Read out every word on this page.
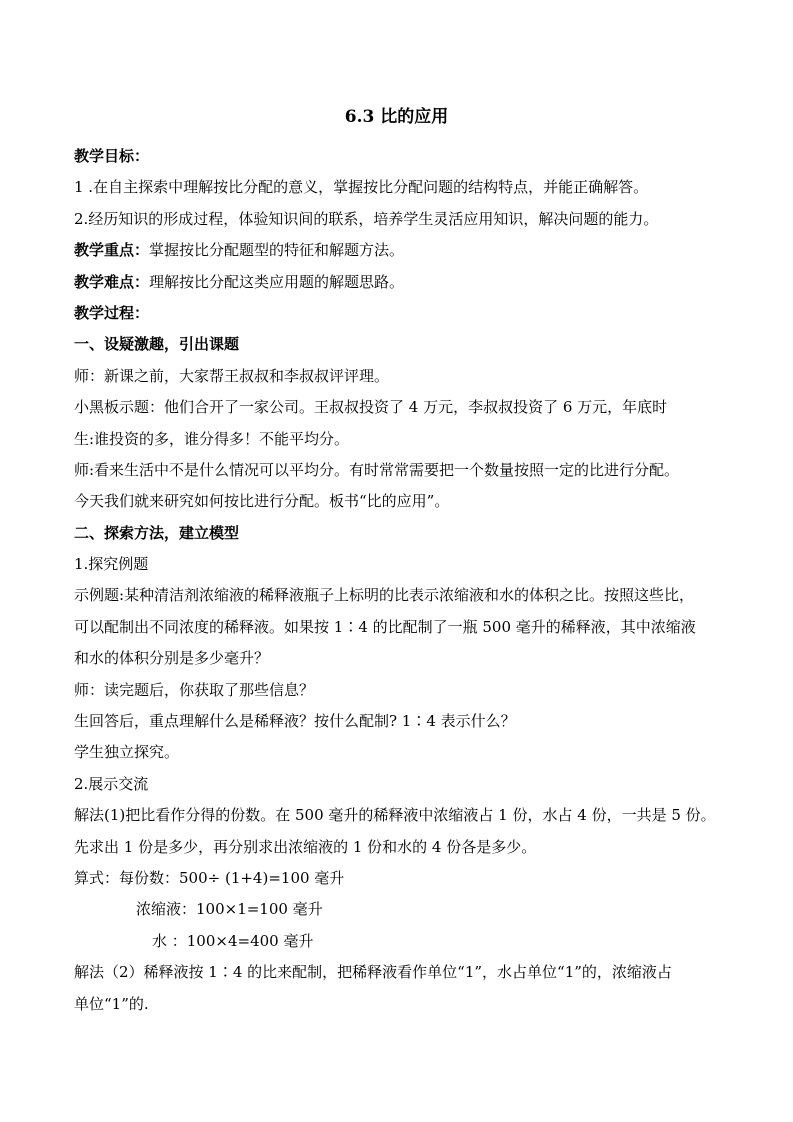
6.3 比的应用
教学目标：
1 .在自主探索中理解按比分配的意义，掌握按比分配问题的结构特点，并能正确解答。
2.经历知识的形成过程，体验知识间的联系，培养学生灵活应用知识，解决问题的能力。
教学重点：掌握按比分配题型的特征和解题方法。
教学难点：理解按比分配这类应用题的解题思路。
教学过程：
一、设疑激趣，引出课题
师：新课之前，大家帮王叔叔和李叔叔评评理。
小黑板示题：他们合开了一家公司。王叔叔投资了 4 万元，李叔叔投资了 6 万元，年底时
生:谁投资的多，谁分得多！不能平均分。
师:看来生活中不是什么情况可以平均分。有时常常需要把一个数量按照一定的比进行分配。
今天我们就来研究如何按比进行分配。板书“比的应用”。
二、探索方法，建立模型
1.探究例题
示例题:某种清洁剂浓缩液的稀释液瓶子上标明的比表示浓缩液和水的体积之比。按照这些比，
可以配制出不同浓度的稀释液。如果按 1∶4 的比配制了一瓶 500 毫升的稀释液，其中浓缩液
和水的体积分别是多少毫升？
师：读完题后，你获取了那些信息？
生回答后，重点理解什么是稀释液？按什么配制? 1∶4 表示什么？
学生独立探究。
2.展示交流
解法(1)把比看作分得的份数。在 500 毫升的稀释液中浓缩液占 1 份，水占 4 份，一共是 5 份。
先求出 1 份是多少，再分别求出浓缩液的 1 份和水的 4 份各是多少。
算式：每份数：500÷ (1+4)=100 毫升
浓缩液：100×1=100 毫升
水 ：100×4=400 毫升
解法（2）稀释液按 1∶4 的比来配制，把稀释液看作单位“1”，水占单位“1”的，浓缩液占
单位“1”的.
